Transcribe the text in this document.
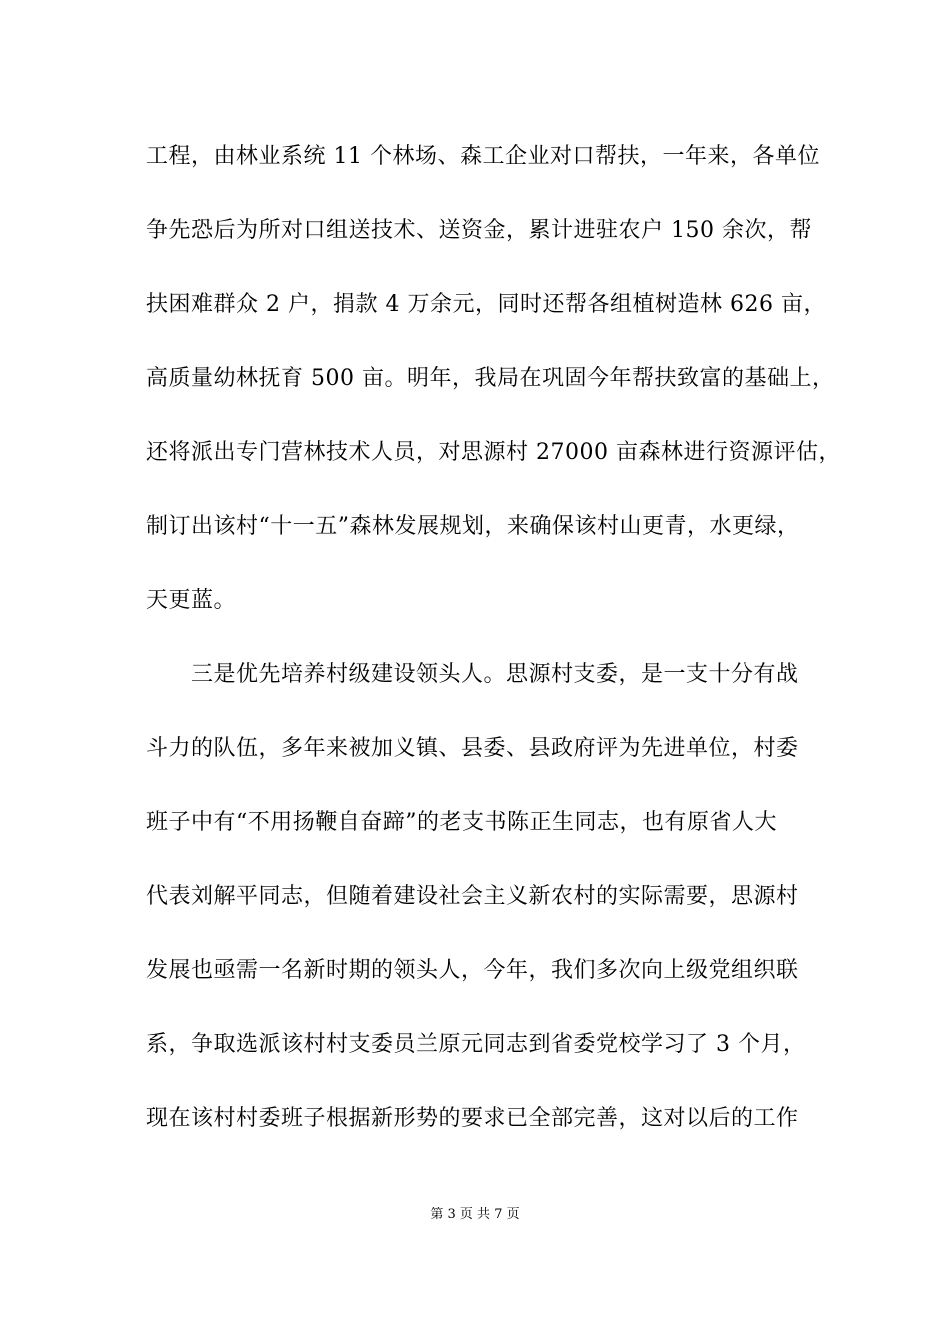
工程，由林业系统 11 个林场、森工企业对口帮扶，一年来，各单位
争先恐后为所对口组送技术、送资金，累计进驻农户 150 余次，帮
扶困难群众 2 户，捐款 4 万余元，同时还帮各组植树造林 626 亩，
高质量幼林抚育 500 亩。明年，我局在巩固今年帮扶致富的基础上，
还将派出专门营林技术人员，对思源村 27000 亩森林进行资源评估，
制订出该村“十一五”森林发展规划，来确保该村山更青，水更绿，
天更蓝。
三是优先培养村级建设领头人。思源村支委，是一支十分有战
斗力的队伍，多年来被加义镇、县委、县政府评为先进单位，村委
班子中有“不用扬鞭自奋蹄”的老支书陈正生同志，也有原省人大
代表刘解平同志，但随着建设社会主义新农村的实际需要，思源村
发展也亟需一名新时期的领头人，今年，我们多次向上级党组织联
系，争取选派该村村支委员兰原元同志到省委党校学习了 3 个月，
现在该村村委班子根据新形势的要求已全部完善，这对以后的工作
第 3 页 共 7 页
